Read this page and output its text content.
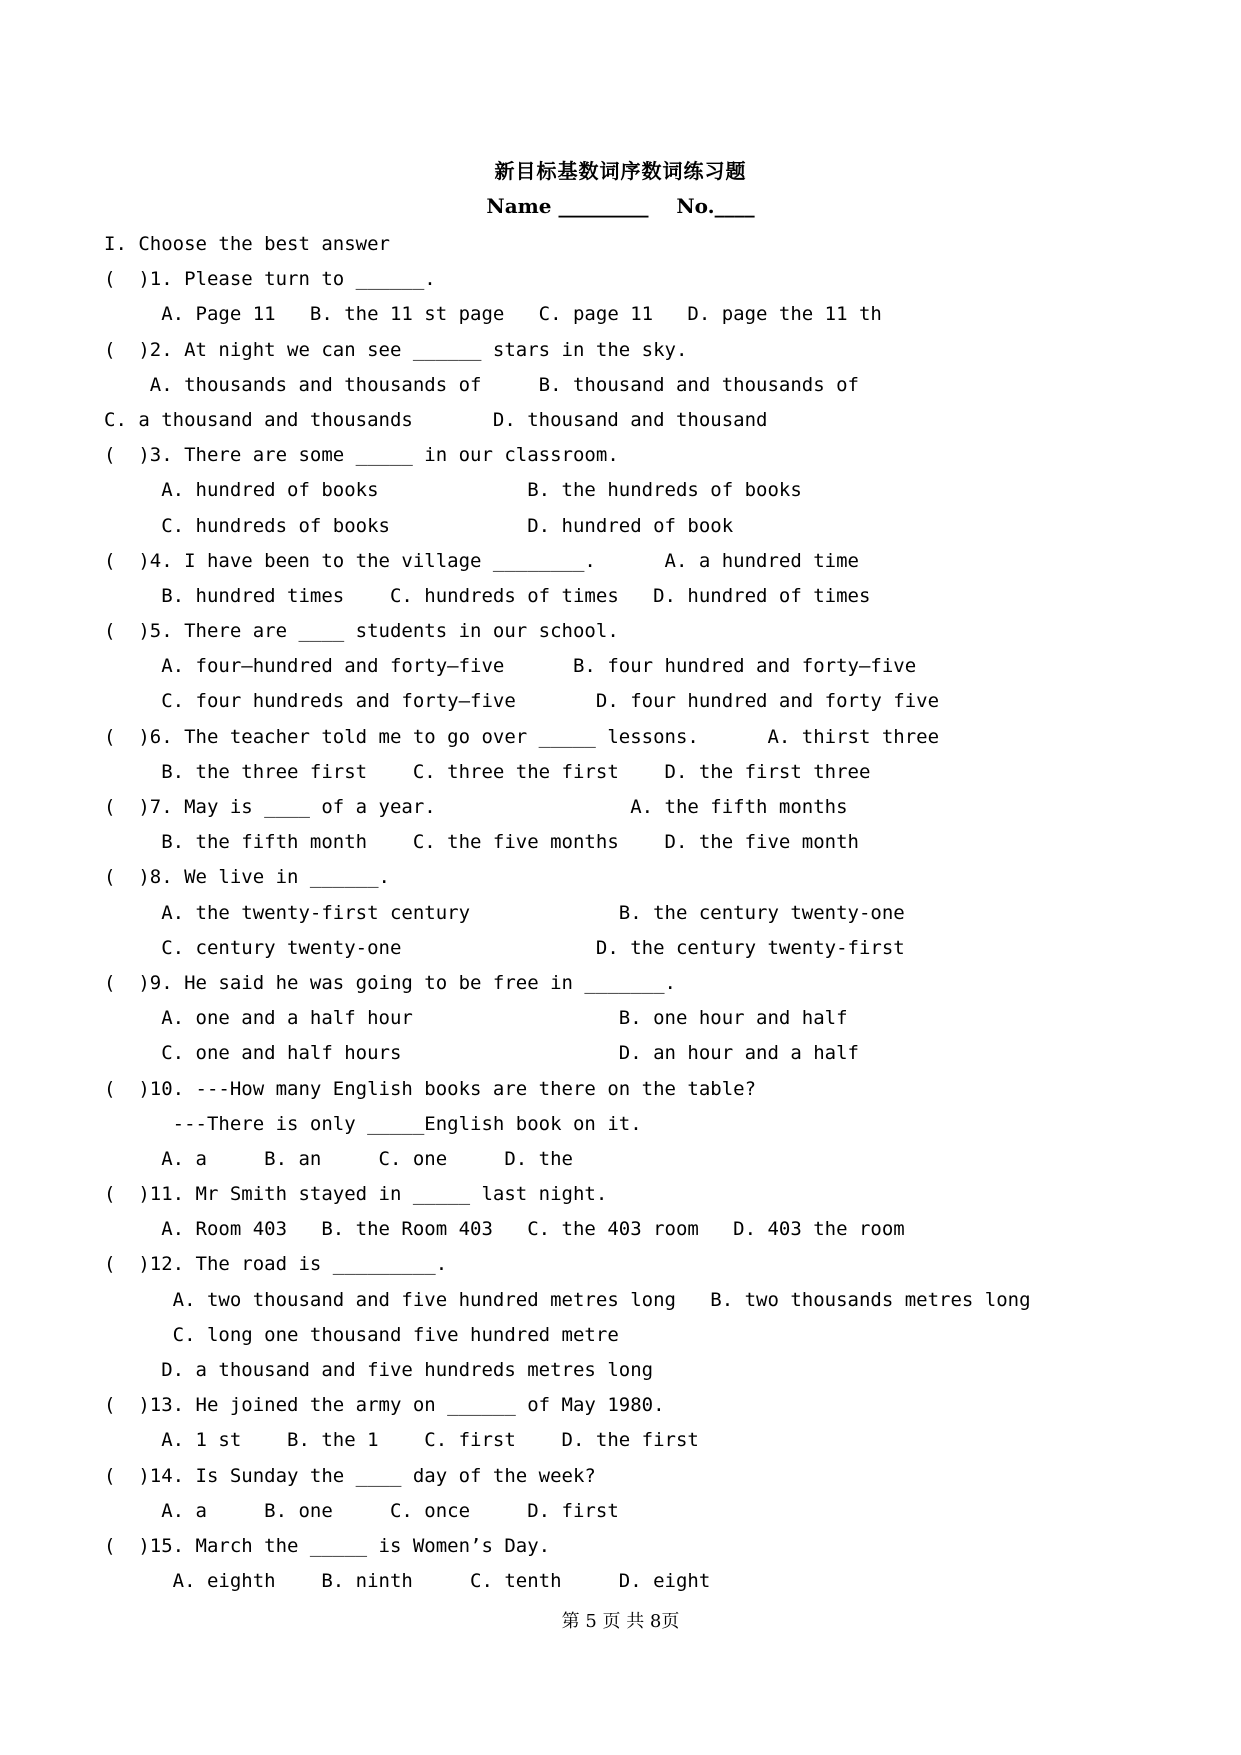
新目标基数词序数词练习题
Name _________ No.____
I. Choose the best answer
(  )1. Please turn to ______.
A. Page 11   B. the 11 st page   C. page 11   D. page the 11 th
(  )2. At night we can see ______ stars in the sky.
A. thousands and thousands of     B. thousand and thousands of
C. a thousand and thousands       D. thousand and thousand
(  )3. There are some _____ in our classroom.
A. hundred of books             B. the hundreds of books
C. hundreds of books            D. hundred of book
(  )4. I have been to the village ________.      A. a hundred time
B. hundred times    C. hundreds of times   D. hundred of times
(  )5. There are ____ students in our school.
A. four—hundred and forty—five      B. four hundred and forty—five
C. four hundreds and forty—five       D. four hundred and forty five
(  )6. The teacher told me to go over _____ lessons.      A. thirst three
B. the three first    C. three the first    D. the first three
(  )7. May is ____ of a year.                 A. the fifth months
B. the fifth month    C. the five months    D. the five month
(  )8. We live in ______.
A. the twenty-first century             B. the century twenty-one
C. century twenty-one                 D. the century twenty-first
(  )9. He said he was going to be free in _______.
A. one and a half hour                  B. one hour and half
C. one and half hours                   D. an hour and a half
(  )10. ---How many English books are there on the table?
---There is only _____English book on it.
A. a     B. an     C. one     D. the
(  )11. Mr Smith stayed in _____ last night.
A. Room 403   B. the Room 403   C. the 403 room   D. 403 the room
(  )12. The road is _________.
A. two thousand and five hundred metres long   B. two thousands metres long
C. long one thousand five hundred metre
D. a thousand and five hundreds metres long
(  )13. He joined the army on ______ of May 1980.
A. 1 st    B. the 1    C. first    D. the first
(  )14. Is Sunday the ____ day of the week?
A. a     B. one     C. once     D. first
(  )15. March the _____ is Women’s Day.
A. eighth    B. ninth     C. tenth     D. eight
第 5 页 共 8页
